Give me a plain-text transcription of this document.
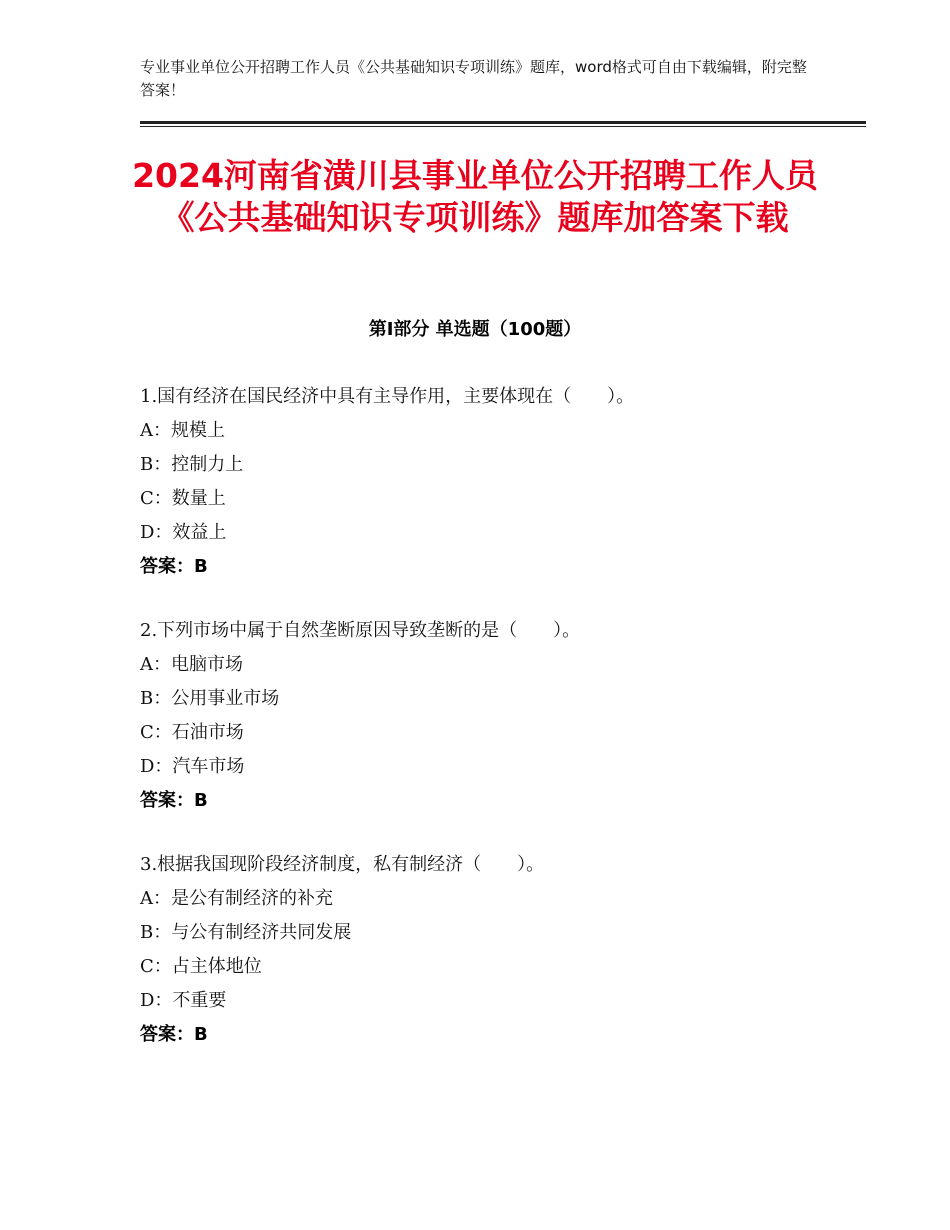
专业事业单位公开招聘工作人员《公共基础知识专项训练》题库，word格式可自由下载编辑，附完整答案！
2024河南省潢川县事业单位公开招聘工作人员《公共基础知识专项训练》题库加答案下载
第Ⅰ部分 单选题（100题）
1.国有经济在国民经济中具有主导作用，主要体现在（　　）。
A：规模上
B：控制力上
C：数量上
D：效益上
答案：B
2.下列市场中属于自然垄断原因导致垄断的是（　　）。
A：电脑市场
B：公用事业市场
C：石油市场
D：汽车市场
答案：B
3.根据我国现阶段经济制度，私有制经济（　　）。
A：是公有制经济的补充
B：与公有制经济共同发展
C：占主体地位
D：不重要
答案：B
